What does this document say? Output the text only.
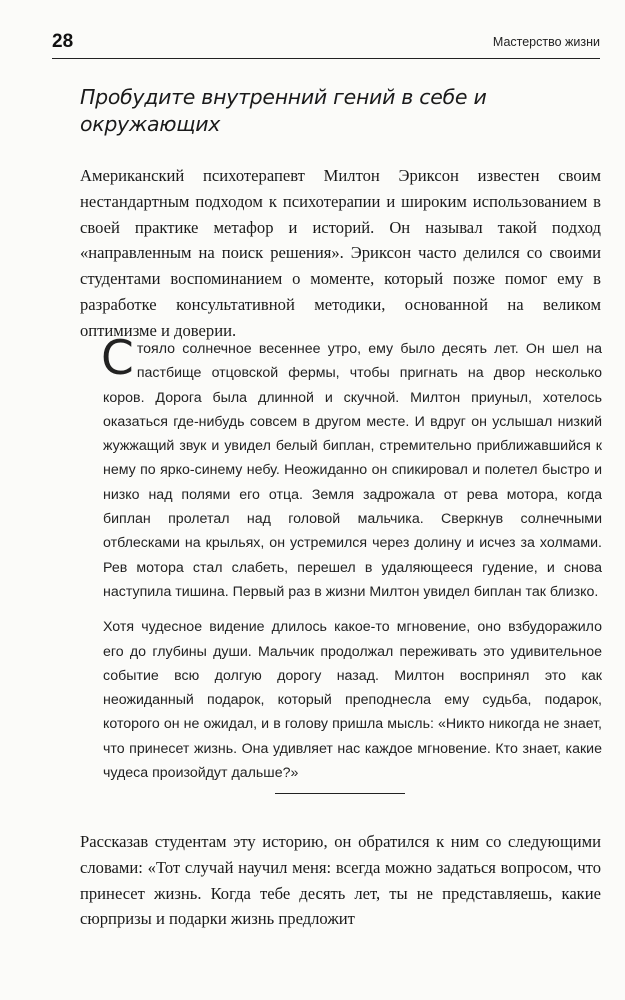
28	Мастерство жизни
Пробудите внутренний гений в себе и окружающих
Американский психотерапевт Милтон Эриксон известен своим нестандартным подходом к психотерапии и широким использованием в своей практике метафор и историй. Он называл такой подход «направленным на поиск решения». Эриксон часто делился со своими студентами воспоминанием о моменте, который позже помог ему в разработке консультативной методики, основанной на великом оптимизме и доверии.

Стояло солнечное весеннее утро, ему было десять лет. Он шел на пастбище отцовской фермы, чтобы пригнать на двор несколько коров. Дорога была длинной и скучной. Милтон приуныл, хотелось оказаться где-нибудь совсем в другом месте. И вдруг он услышал низкий жужжащий звук и увидел белый биплан, стремительно приближавшийся к нему по ярко-синему небу. Неожиданно он спикировал и полетел быстро и низко над полями его отца. Земля задрожала от рева мотора, когда биплан пролетал над головой мальчика. Сверкнув солнечными отблесками на крыльях, он устремился через долину и исчез за холмами. Рев мотора стал слабеть, перешел в удаляющееся гудение, и снова наступила тишина. Первый раз в жизни Милтон увидел биплан так близко.

Хотя чудесное видение длилось какое-то мгновение, оно взбудоражило его до глубины души. Мальчик продолжал переживать это удивительное событие всю долгую дорогу назад. Милтон воспринял это как неожиданный подарок, который преподнесла ему судьба, подарок, которого он не ожидал, и в голову пришла мысль: «Никто никогда не знает, что принесет жизнь. Она удивляет нас каждое мгновение. Кто знает, какие чудеса произойдут дальше?»

Рассказав студентам эту историю, он обратился к ним со следующими словами: «Тот случай научил меня: всегда можно задаться вопросом, что принесет жизнь. Когда тебе десять лет, ты не представляешь, какие сюрпризы и подарки жизнь предложит
